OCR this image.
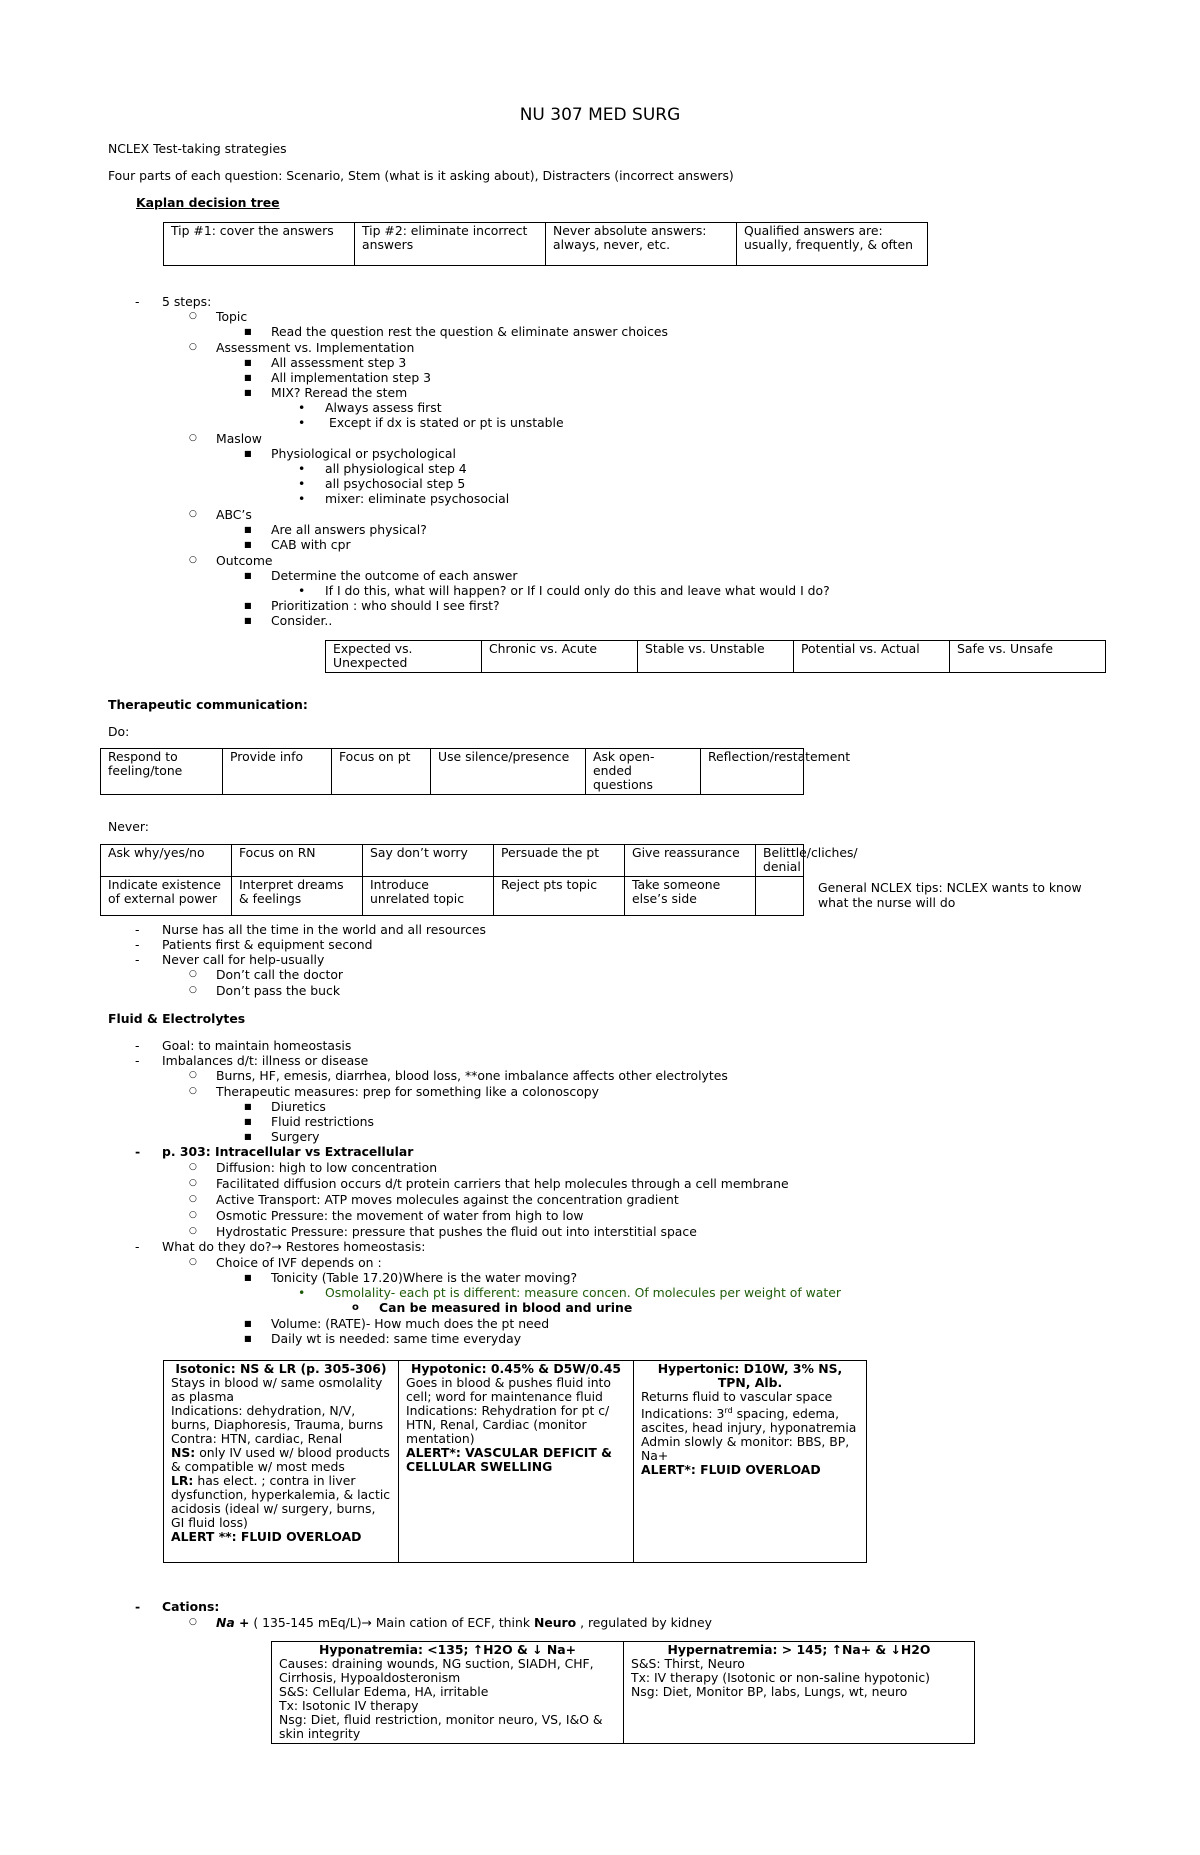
NU 307 MED SURG
NCLEX Test-taking strategies
Four parts of each question: Scenario, Stem (what is it asking about), Distracters (incorrect answers)
Kaplan decision tree
Tip #1: cover the answers	Tip #2: eliminate incorrect answers	Never absolute answers: always, never, etc.	Qualified answers are: usually, frequently, & often
- 5 steps:
○ Topic
■ Read the question rest the question & eliminate answer choices
○ Assessment vs. Implementation
■ All assessment step 3
■ All implementation step 3
■ MIX? Reread the stem
• Always assess first
• Except if dx is stated or pt is unstable
○ Maslow
■ Physiological or psychological
• all physiological step 4
• all psychosocial step 5
• mixer: eliminate psychosocial
○ ABC’s
■ Are all answers physical?
■ CAB with cpr
○ Outcome
■ Determine the outcome of each answer
• If I do this, what will happen? or If I could only do this and leave what would I do?
■ Prioritization : who should I see first?
■ Consider..
Expected vs. Unexpected	Chronic vs. Acute	Stable vs. Unstable	Potential vs. Actual	Safe vs. Unsafe
Therapeutic communication:
Do:
Respond to feeling/tone	Provide info	Focus on pt	Use silence/presence	Ask open-ended questions	Reflection/restatement
Never:
Ask why/yes/no	Focus on RN	Say don’t worry	Persuade the pt	Give reassurance	Belittle/cliches/ denial
Indicate existence of external power	Interpret dreams & feelings	Introduce unrelated topic	Reject pts topic	Take someone else’s side	
General NCLEX tips: NCLEX wants to know what the nurse will do
- Nurse has all the time in the world and all resources
- Patients first & equipment second
- Never call for help-usually
○ Don’t call the doctor
○ Don’t pass the buck
Fluid & Electrolytes
- Goal: to maintain homeostasis
- Imbalances d/t: illness or disease
○ Burns, HF, emesis, diarrhea, blood loss, **one imbalance affects other electrolytes
○ Therapeutic measures: prep for something like a colonoscopy
■ Diuretics
■ Fluid restrictions
■ Surgery
- p. 303: Intracellular vs Extracellular
○ Diffusion: high to low concentration
○ Facilitated diffusion occurs d/t protein carriers that help molecules through a cell membrane
○ Active Transport: ATP moves molecules against the concentration gradient
○ Osmotic Pressure: the movement of water from high to low
○ Hydrostatic Pressure: pressure that pushes the fluid out into interstitial space
- What do they do?→ Restores homeostasis:
○ Choice of IVF depends on :
■ Tonicity (Table 17.20)Where is the water moving?
• Osmolality- each pt is different: measure concen. Of molecules per weight of water
o Can be measured in blood and urine
■ Volume: (RATE)- How much does the pt need
■ Daily wt is needed: same time everyday
Isotonic: NS & LR (p. 305-306)
Stays in blood w/ same osmolality as plasma
Indications: dehydration, N/V, burns, Diaphoresis, Trauma, burns
Contra: HTN, cardiac, Renal
NS: only IV used w/ blood products & compatible w/ most meds
LR: has elect. ; contra in liver dysfunction, hyperkalemia, & lactic acidosis (ideal w/ surgery, burns, GI fluid loss)
ALERT **: FLUID OVERLOAD

Hypotonic: 0.45% & D5W/0.45
Goes in blood & pushes fluid into cell; word for maintenance fluid
Indications: Rehydration for pt c/ HTN, Renal, Cardiac (monitor mentation)
ALERT*: VASCULAR DEFICIT & CELLULAR SWELLING

Hypertonic: D10W, 3% NS, TPN, Alb.
Returns fluid to vascular space
Indications: 3rd spacing, edema, ascites, head injury, hyponatremia
Admin slowly & monitor: BBS, BP, Na+
ALERT*: FLUID OVERLOAD
- Cations:
○ Na + ( 135-145 mEq/L)→ Main cation of ECF, think Neuro , regulated by kidney
Hyponatremia: <135; ↑H2O & ↓ Na+
Causes: draining wounds, NG suction, SIADH, CHF, Cirrhosis, Hypoaldosteronism
S&S: Cellular Edema, HA, irritable
Tx: Isotonic IV therapy
Nsg: Diet, fluid restriction, monitor neuro, VS, I&O & skin integrity

Hypernatremia: > 145; ↑Na+ & ↓H2O
S&S: Thirst, Neuro
Tx: IV therapy (Isotonic or non-saline hypotonic)
Nsg: Diet, Monitor BP, labs, Lungs, wt, neuro
